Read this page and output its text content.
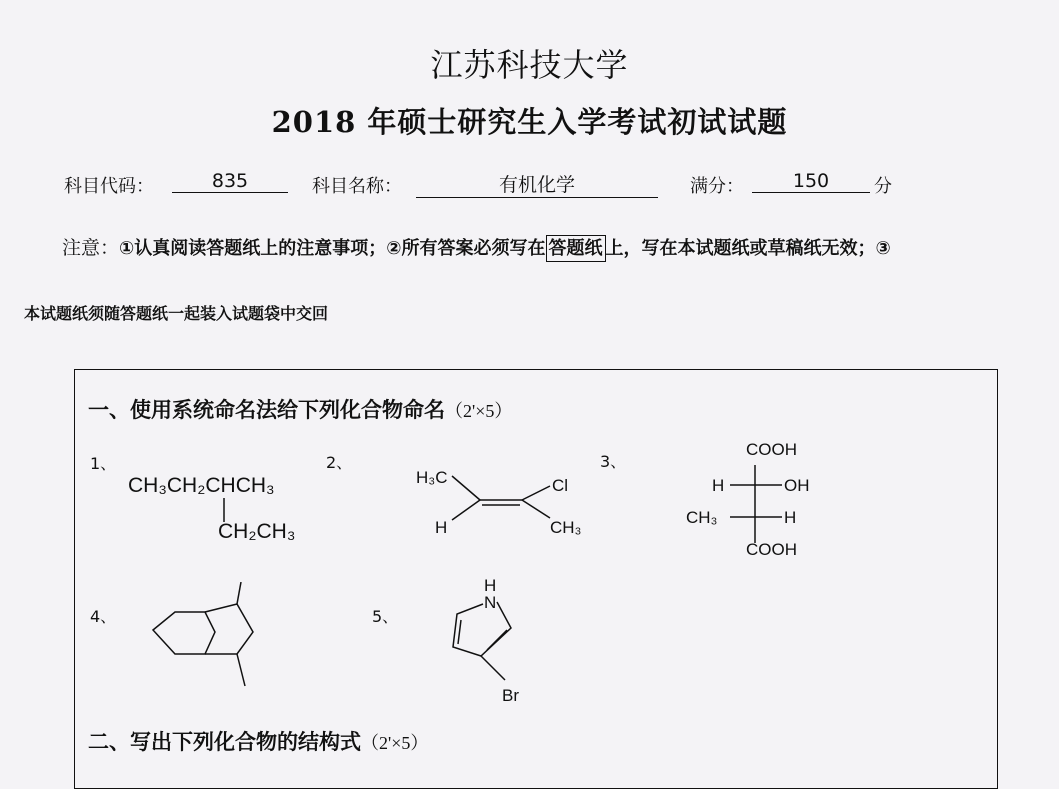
江苏科技大学
2018 年硕士研究生入学考试初试试题
科目代码：	835	科目名称：	有机化学	满分：	150	分
注意：①认真阅读答题纸上的注意事项；②所有答案必须写在 答题纸 上，写在本试题纸或草稿纸无效；③
本试题纸须随答题纸一起装入试题袋中交回
一、使用系统命名法给下列化合物命名（2'×5）
1、	2、	3、
4、	5、
CH₃CH₂CHCH₃
CH₂CH₃
H₃C	Cl
H	CH₃
COOH
H	OH
CH₃	H
COOH
H
N
Br
二、写出下列化合物的结构式（2'×5）
